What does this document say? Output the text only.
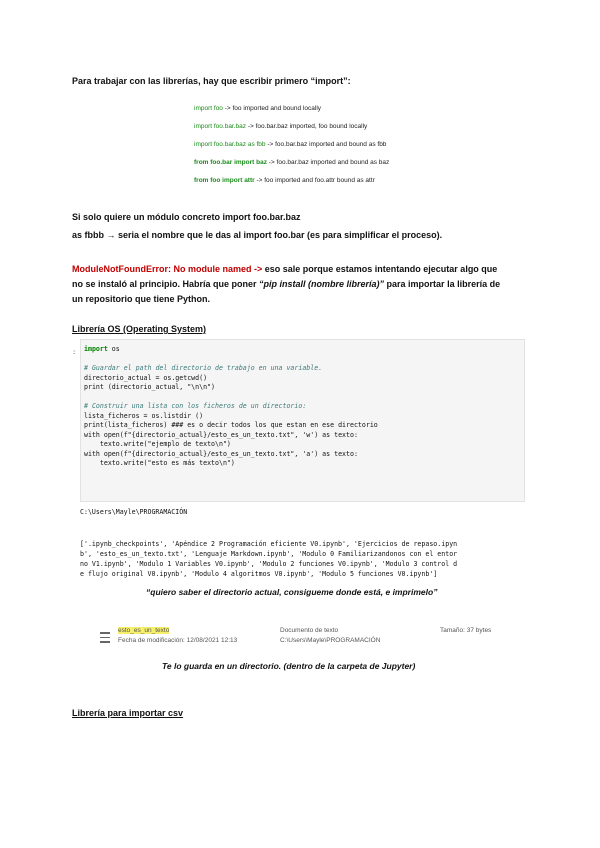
Para trabajar con las librerías, hay que escribir primero “import”:

import foo -> foo imported and bound locally
import foo.bar.baz -> foo.bar.baz imported, foo bound locally
import foo.bar.baz as fbb -> foo.bar.baz imported and bound as fbb
from foo.bar import baz -> foo.bar.baz imported and bound as baz
from foo import attr -> foo imported and foo.attr bound as attr

Si solo quiere un módulo concreto import foo.bar.baz

as fbbb → seria el nombre que le das al import foo.bar (es para simplificar el proceso).

ModuleNotFoundError: No module named -> eso sale porque estamos intentando ejecutar algo que

no se instaló al principio. Habría que poner “pip install (nombre librería)” para importar la librería de

un repositorio que tiene Python.

Librería OS (Operating System)

: import os

# Guardar el path del directorio de trabajo en una variable.
directorio_actual = os.getcwd()
print (directorio_actual, "\n\n")

# Construir una lista con los ficheros de un directorio:
lista_ficheros = os.listdir ()
print(lista_ficheros) ### es o decir todos los que estan en ese directorio
with open(f"{directorio_actual}/esto_es_un_texto.txt", 'w') as texto:
texto.write("ejemplo de texto\n")
with open(f"{directorio_actual}/esto_es_un_texto.txt", 'a') as texto:
texto.write("esto es más texto\n")
C:\Users\Mayle\PROGRAMACIÓN
['.ipynb_checkpoints', 'Apéndice 2 Programación eficiente V0.ipynb', 'Ejercicios de repaso.ipyn
b', 'esto_es_un_texto.txt', 'Lenguaje Markdown.ipynb', 'Modulo 0 Familiarizandonos con el entor
no V1.ipynb', 'Modulo 1 Variables V0.ipynb', 'Modulo 2 funciones V0.ipynb', 'Modulo 3 control d
e flujo original V0.ipynb', 'Modulo 4 algoritmos V0.ipynb', 'Modulo 5 funciones V0.ipynb']
“quiero saber el directorio actual, consigueme donde está, e imprimelo”
esto_es_un_texto
Fecha de modificación: 12/08/2021 12:13
Documento de texto
C:\Users\Mayle\PROGRAMACIÓN
Tamaño: 37 bytes
Te lo guarda en un directorio. (dentro de la carpeta de Jupyter)

Librería para importar csv
